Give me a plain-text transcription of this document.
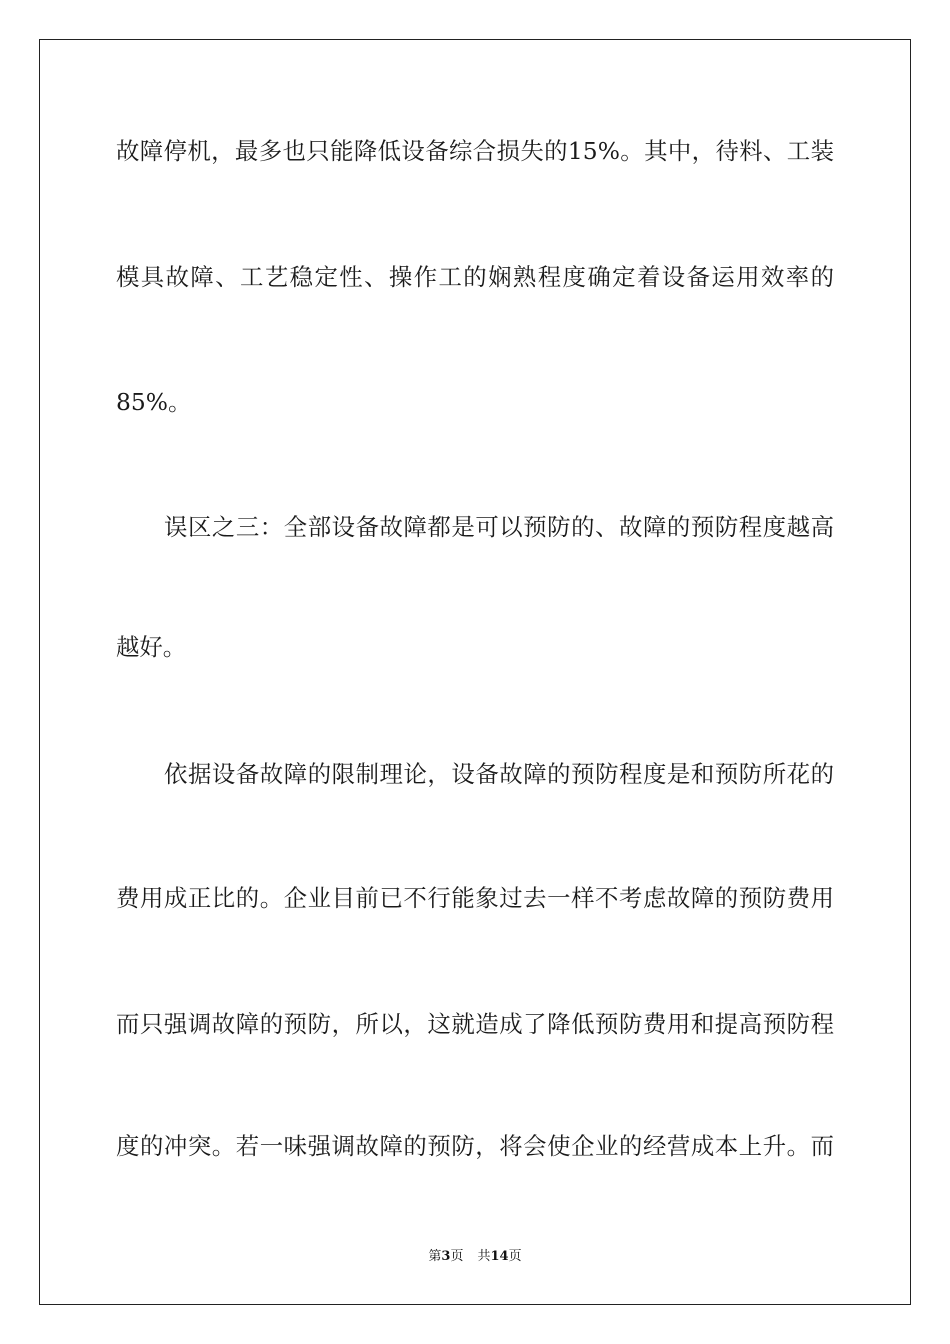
故障停机，最多也只能降低设备综合损失的15%。其中，待料、工装
模具故障、工艺稳定性、操作工的娴熟程度确定着设备运用效率的
85%。
误区之三：全部设备故障都是可以预防的、故障的预防程度越高
越好。
依据设备故障的限制理论，设备故障的预防程度是和预防所花的
费用成正比的。企业目前已不行能象过去一样不考虑故障的预防费用
而只强调故障的预防，所以，这就造成了降低预防费用和提高预防程
度的冲突。若一味强调故障的预防，将会使企业的经营成本上升。而
第3页 共14页
